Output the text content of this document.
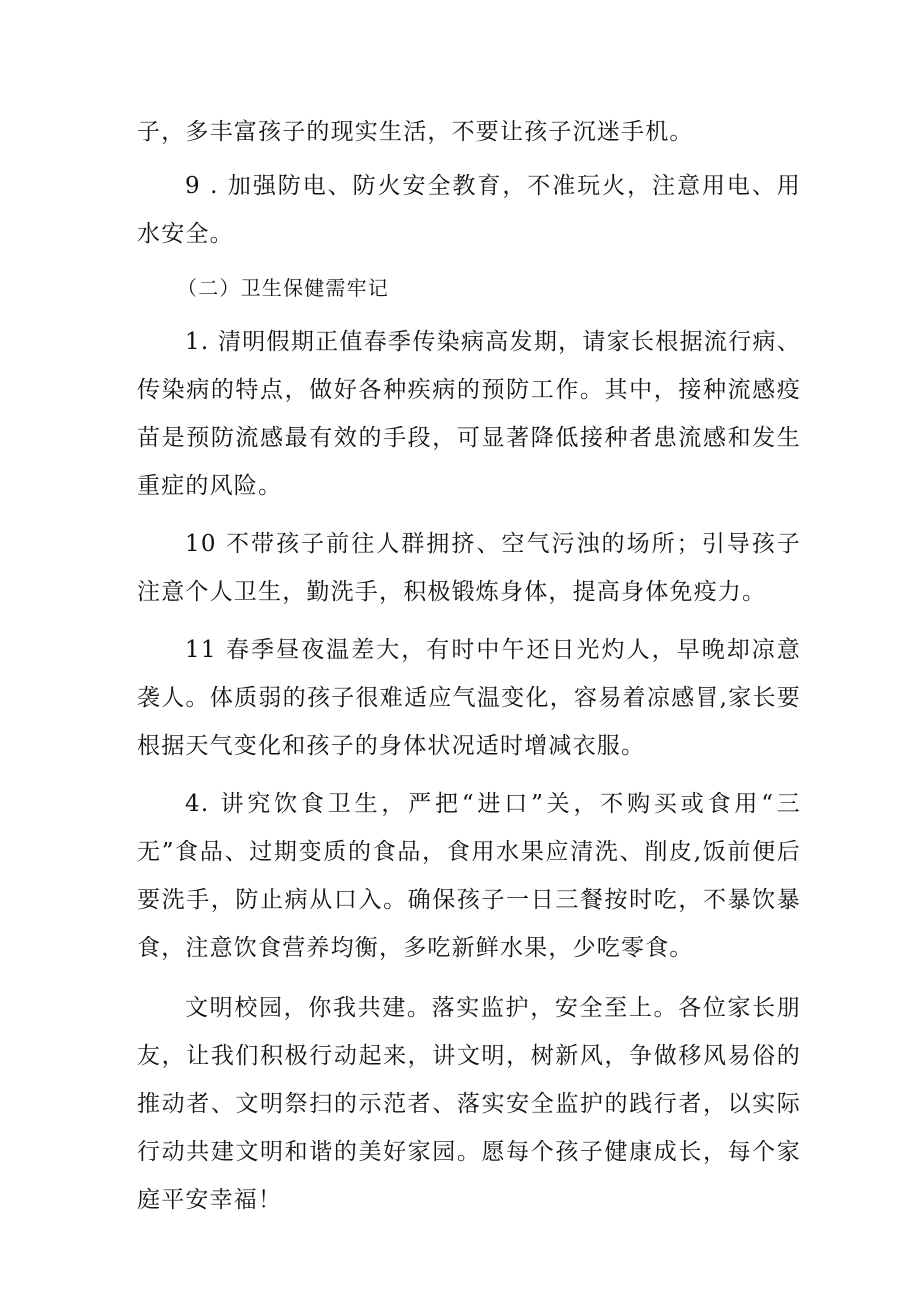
子，多丰富孩子的现实生活，不要让孩子沉迷手机。

9 . 加强防电、防火安全教育，不准玩火，注意用电、用水安全。

（二）卫生保健需牢记

1. 清明假期正值春季传染病高发期，请家长根据流行病、传染病的特点，做好各种疾病的预防工作。其中，接种流感疫苗是预防流感最有效的手段，可显著降低接种者患流感和发生重症的风险。

10 不带孩子前往人群拥挤、空气污浊的场所；引导孩子注意个人卫生，勤洗手，积极锻炼身体，提高身体免疫力。

11 春季昼夜温差大，有时中午还日光灼人，早晚却凉意袭人。体质弱的孩子很难适应气温变化，容易着凉感冒,家长要根据天气变化和孩子的身体状况适时增减衣服。

4. 讲究饮食卫生，严把“进口”关，不购买或食用“三无”食品、过期变质的食品，食用水果应清洗、削皮,饭前便后要洗手，防止病从口入。确保孩子一日三餐按时吃，不暴饮暴食，注意饮食营养均衡，多吃新鲜水果，少吃零食。

文明校园，你我共建。落实监护，安全至上。各位家长朋友，让我们积极行动起来，讲文明，树新风，争做移风易俗的推动者、文明祭扫的示范者、落实安全监护的践行者，以实际行动共建文明和谐的美好家园。愿每个孩子健康成长，每个家庭平安幸福！
